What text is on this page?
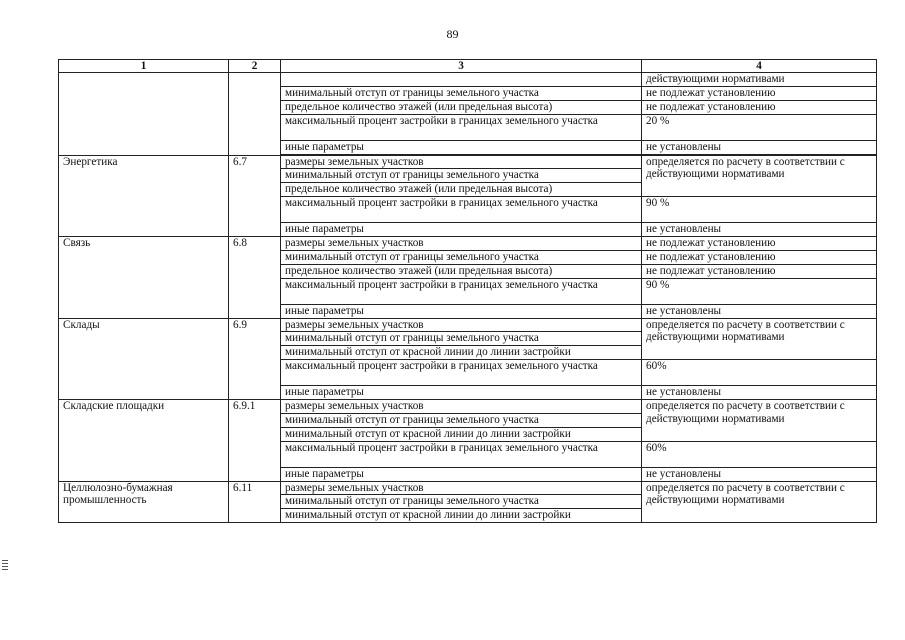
89
1	2	3	4
			действующими нормативами
		минимальный отступ от границы земельного участка	не подлежат установлению
		предельное количество этажей (или предельная высота)	не подлежат установлению
		максимальный процент застройки в границах земельного участка	20 %
		иные параметры	не установлены

Энергетика	6.7	размеры земельных участков	определяется по расчету в соответствии с действующими нормативами
		минимальный отступ от границы земельного участка	
		предельное количество этажей (или предельная высота)	
		максимальный процент застройки в границах земельного участка	90 %
		иные параметры	не установлены
Связь	6.8	размеры земельных участков	не подлежат установлению
		минимальный отступ от границы земельного участка	не подлежат установлению
		предельное количество этажей (или предельная высота)	не подлежат установлению
		максимальный процент застройки в границах земельного участка	90 %
		иные параметры	не установлены
Склады	6.9	размеры земельных участков	определяется по расчету в соответствии с действующими нормативами
		минимальный отступ от границы земельного участка	
		минимальный отступ от красной линии до линии застройки	
		максимальный процент застройки в границах земельного участка	60%
		иные параметры	не установлены
Складские площадки	6.9.1	размеры земельных участков	определяется по расчету в соответствии с действующими нормативами
		минимальный отступ от границы земельного участка	
		минимальный отступ от красной линии до линии застройки	
		максимальный процент застройки в границах земельного участка	60%
		иные параметры	не установлены
Целлюлозно-бумажная промышленность	6.11	размеры земельных участков	определяется по расчету в соответствии с действующими нормативами
		минимальный отступ от границы земельного участка	
		минимальный отступ от красной линии до линии застройки	
